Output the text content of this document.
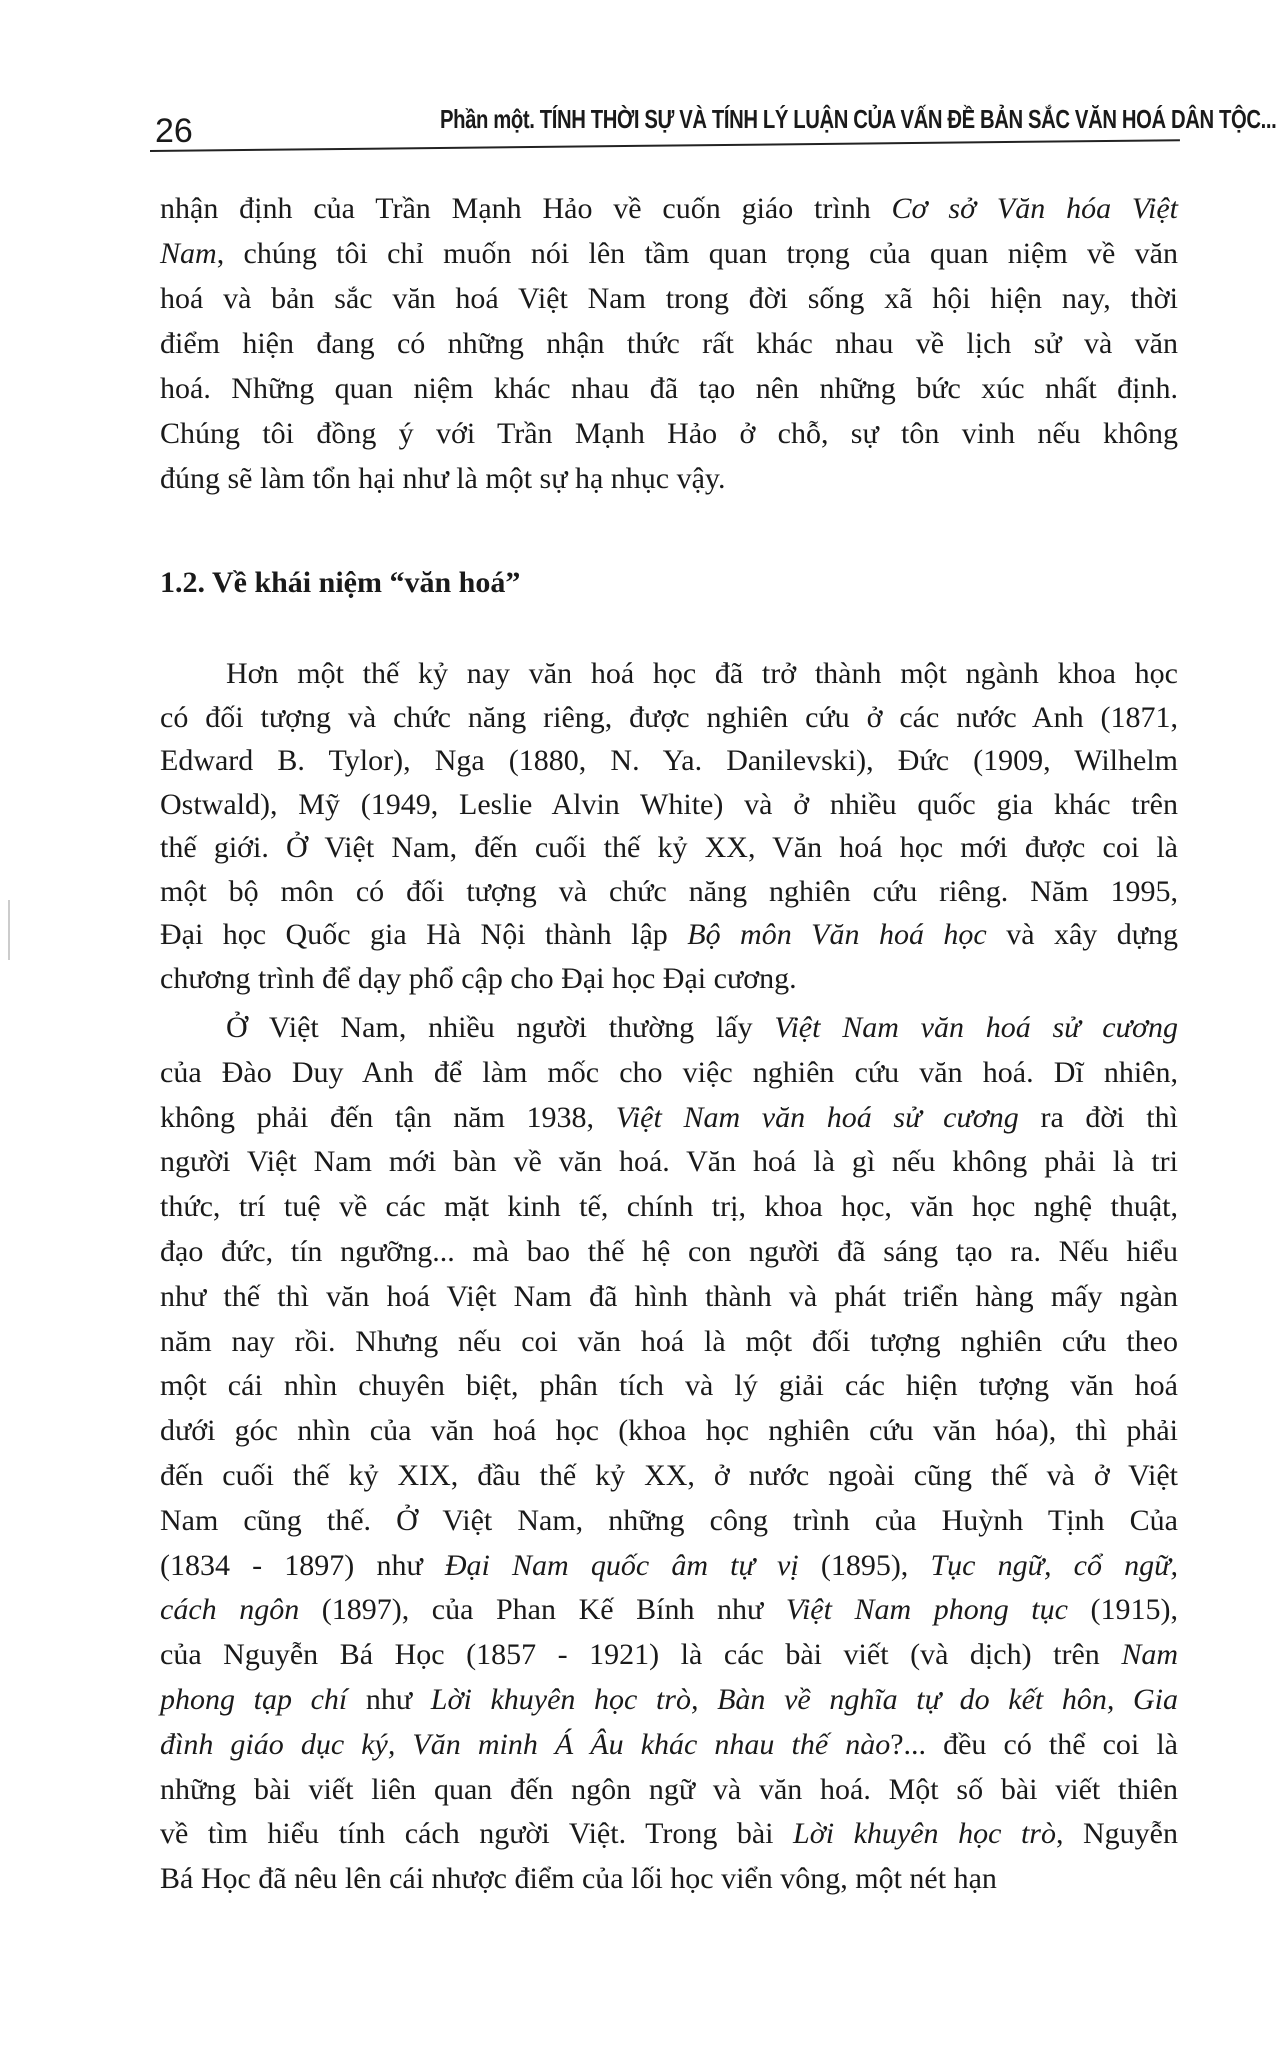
26	Phần một. TÍNH THỜI SỰ VÀ TÍNH LÝ LUẬN CỦA VẤN ĐỀ BẢN SẮC VĂN HOÁ DÂN TỘC...
nhận định của Trần Mạnh Hảo về cuốn giáo trình Cơ sở Văn hóa Việt
Nam, chúng tôi chỉ muốn nói lên tầm quan trọng của quan niệm về văn
hoá và bản sắc văn hoá Việt Nam trong đời sống xã hội hiện nay, thời
điểm hiện đang có những nhận thức rất khác nhau về lịch sử và văn
hoá. Những quan niệm khác nhau đã tạo nên những bức xúc nhất định.
Chúng tôi đồng ý với Trần Mạnh Hảo ở chỗ, sự tôn vinh nếu không
đúng sẽ làm tổn hại như là một sự hạ nhục vậy.
1.2. Về khái niệm “văn hoá”
Hơn một thế kỷ nay văn hoá học đã trở thành một ngành khoa học
có đối tượng và chức năng riêng, được nghiên cứu ở các nước Anh (1871,
Edward B. Tylor), Nga (1880, N. Ya. Danilevski), Đức (1909, Wilhelm
Ostwald), Mỹ (1949, Leslie Alvin White) và ở nhiều quốc gia khác trên
thế giới. Ở Việt Nam, đến cuối thế kỷ XX, Văn hoá học mới được coi là
một bộ môn có đối tượng và chức năng nghiên cứu riêng. Năm 1995,
Đại học Quốc gia Hà Nội thành lập Bộ môn Văn hoá học và xây dựng
chương trình để dạy phổ cập cho Đại học Đại cương.
Ở Việt Nam, nhiều người thường lấy Việt Nam văn hoá sử cương
của Đào Duy Anh để làm mốc cho việc nghiên cứu văn hoá. Dĩ nhiên,
không phải đến tận năm 1938, Việt Nam văn hoá sử cương ra đời thì
người Việt Nam mới bàn về văn hoá. Văn hoá là gì nếu không phải là tri
thức, trí tuệ về các mặt kinh tế, chính trị, khoa học, văn học nghệ thuật,
đạo đức, tín ngưỡng... mà bao thế hệ con người đã sáng tạo ra. Nếu hiểu
như thế thì văn hoá Việt Nam đã hình thành và phát triển hàng mấy ngàn
năm nay rồi. Nhưng nếu coi văn hoá là một đối tượng nghiên cứu theo
một cái nhìn chuyên biệt, phân tích và lý giải các hiện tượng văn hoá
dưới góc nhìn của văn hoá học (khoa học nghiên cứu văn hóa), thì phải
đến cuối thế kỷ XIX, đầu thế kỷ XX, ở nước ngoài cũng thế và ở Việt
Nam cũng thế. Ở Việt Nam, những công trình của Huỳnh Tịnh Của
(1834 - 1897) như Đại Nam quốc âm tự vị (1895), Tục ngữ, cổ ngữ,
cách ngôn (1897), của Phan Kế Bính như Việt Nam phong tục (1915),
của Nguyễn Bá Học (1857 - 1921) là các bài viết (và dịch) trên Nam
phong tạp chí như Lời khuyên học trò, Bàn về nghĩa tự do kết hôn, Gia
đình giáo dục ký, Văn minh Á Âu khác nhau thế nào?... đều có thể coi là
những bài viết liên quan đến ngôn ngữ và văn hoá. Một số bài viết thiên
về tìm hiểu tính cách người Việt. Trong bài Lời khuyên học trò, Nguyễn
Bá Học đã nêu lên cái nhược điểm của lối học viển vông, một nét hạn
